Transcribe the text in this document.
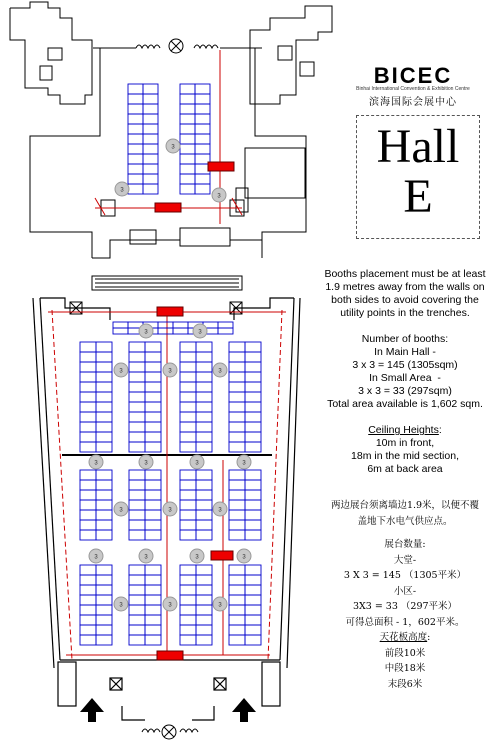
3
3
3
3	3
3	3	3
3	3	3	3
3	3	3
3	3	3	3
3	3	3
BICEC
Binhai International Convention & Exhibition Centre
滨海国际会展中心
Hall
E

Booths placement must be at least

1.9 metres away from the walls on

both sides to avoid covering the

utility points in the trenches.

Number of booths:

In Main Hall -

3 x 3 = 145 (1305sqm)

In Small Area  -

3 x 3 = 33 (297sqm)

Total area available is 1,602 sqm.

Ceiling Heights:

10m in front,

18m in the mid section,

6m at back area

两边展台须离墙边1.9米，以便不覆

盖地下水电气供应点。

展台数量:

大堂-

3 X 3 = 145 （1305平米）

小区-

3X3 = 33 （297平米）

可得总面积 - 1，602平米。

天花板高度:

前段10米

中段18米

末段6米
